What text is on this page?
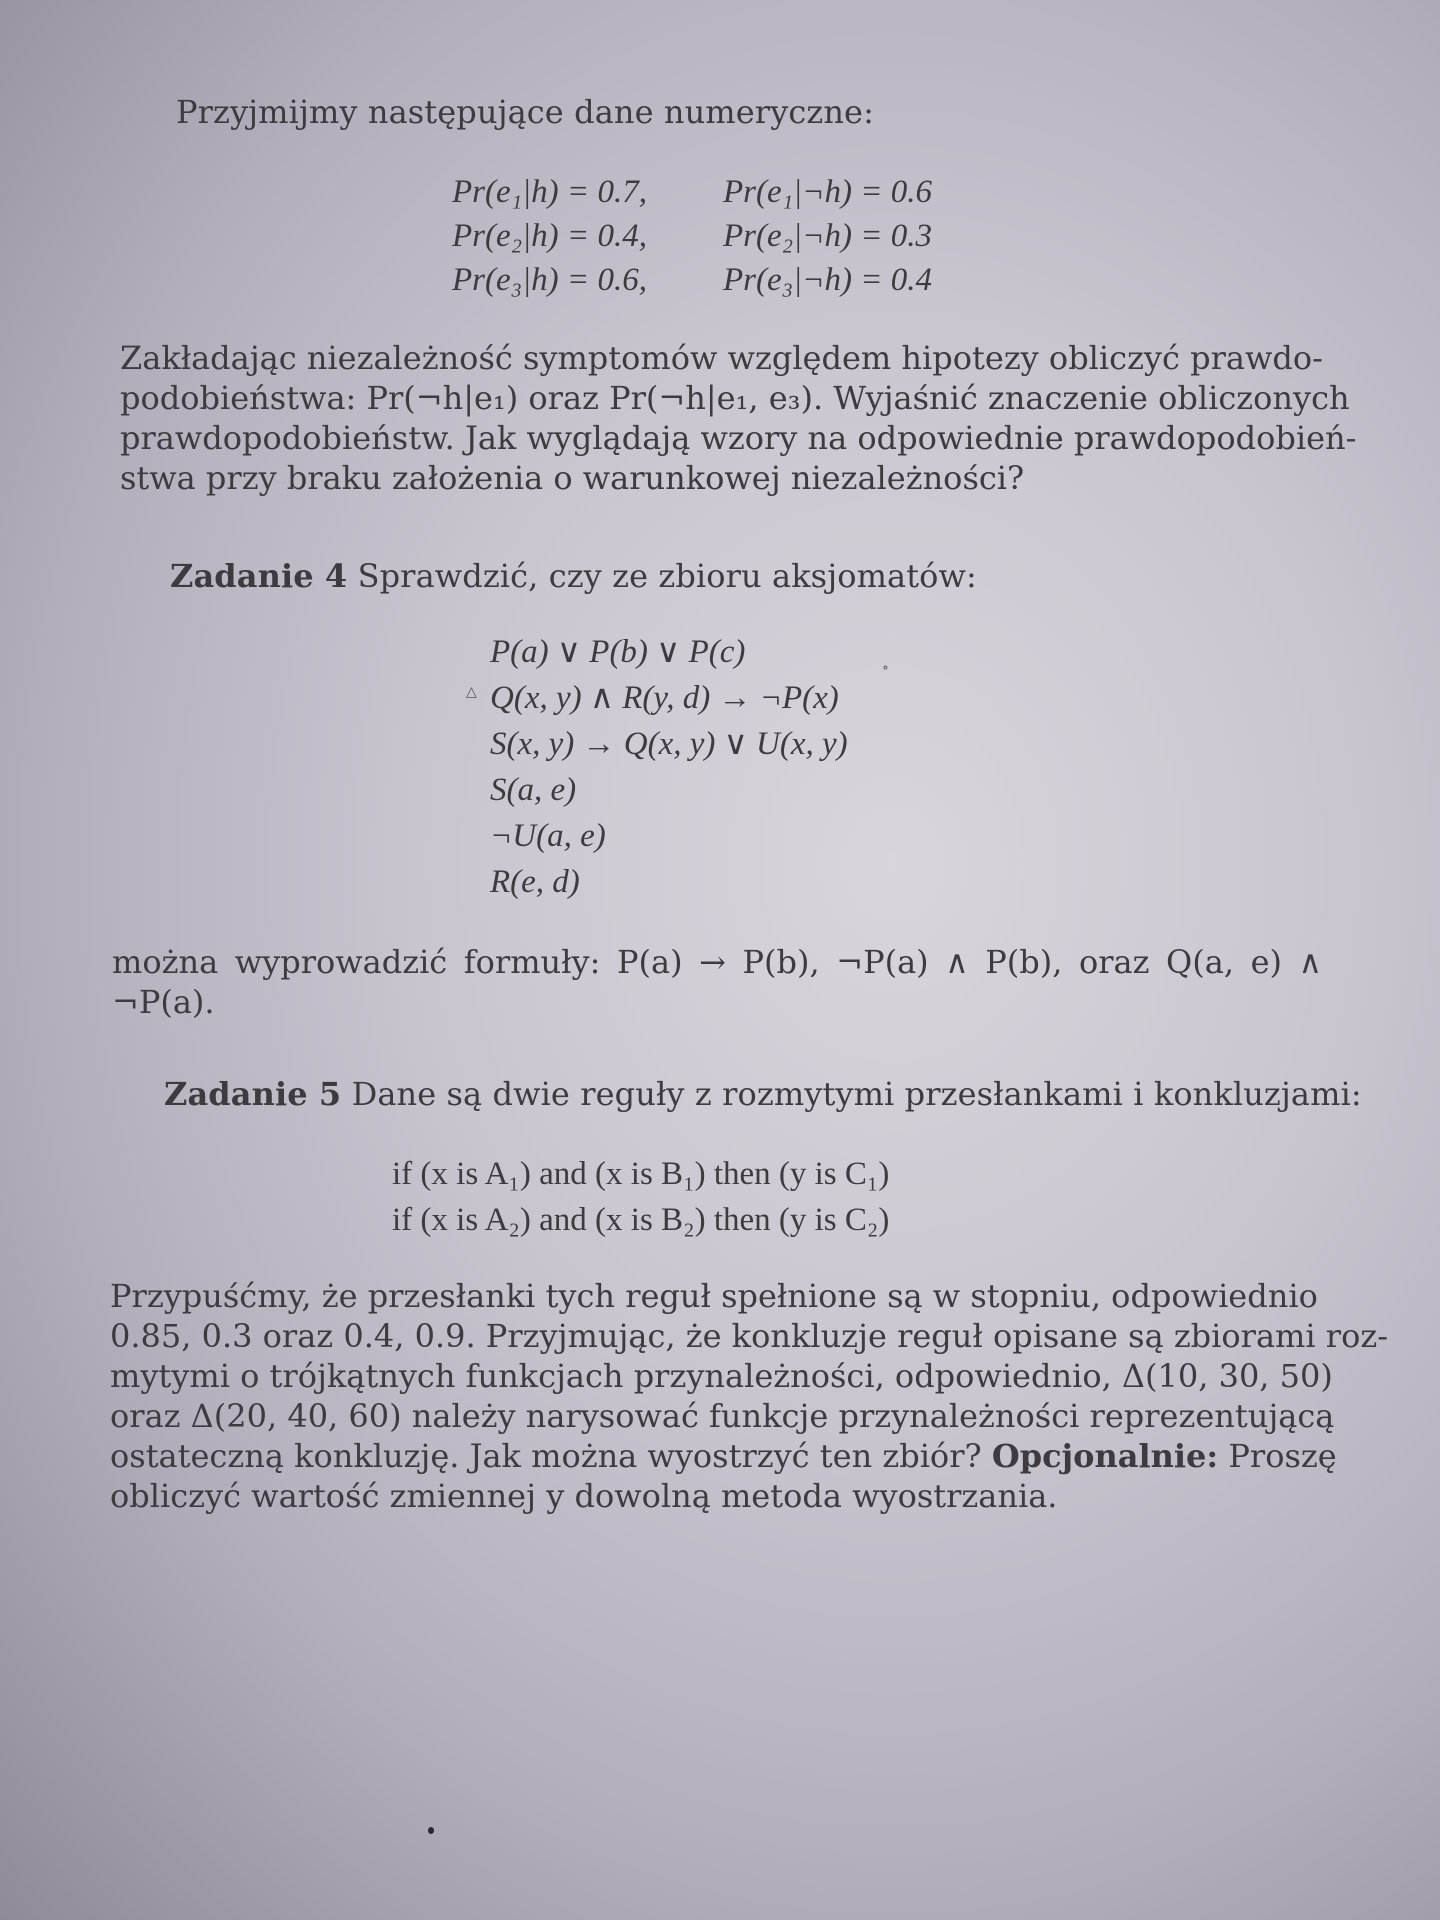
Przyjmijmy następujące dane numeryczne:
Pr(e₁|h) = 0.7, Pr(e₁|¬h) = 0.6
Pr(e₂|h) = 0.4, Pr(e₂|¬h) = 0.3
Pr(e₃|h) = 0.6, Pr(e₃|¬h) = 0.4
Zakładając niezależność symptomów względem hipotezy obliczyć prawdo-
podobieństwa: Pr(¬h|e₁) oraz Pr(¬h|e₁, e₃). Wyjaśnić znaczenie obliczonych
prawdopodobieństw. Jak wyglądają wzory na odpowiednie prawdopodobień-
stwa przy braku założenia o warunkowej niezależności?
Zadanie 4 Sprawdzić, czy ze zbioru aksjomatów:
P(a) ∨ P(b) ∨ P(c)
Q(x, y) ∧ R(y, d) → ¬P(x)
S(x, y) → Q(x, y) ∨ U(x, y)
S(a, e)
¬U(a, e)
R(e, d)
△
∘
można wyprowadzić formuły: P(a) → P(b), ¬P(a) ∧ P(b), oraz Q(a, e) ∧
¬P(a).
Zadanie 5 Dane są dwie reguły z rozmytymi przesłankami i konkluzjami:
if (x is A₁) and (x is B₁) then (y is C₁)
if (x is A₂) and (x is B₂) then (y is C₂)
Przypuśćmy, że przesłanki tych reguł spełnione są w stopniu, odpowiednio
0.85, 0.3 oraz 0.4, 0.9. Przyjmując, że konkluzje reguł opisane są zbiorami roz-
mytymi o trójkątnych funkcjach przynależności, odpowiednio, Δ(10, 30, 50)
oraz Δ(20, 40, 60) należy narysować funkcje przynależności reprezentującą
ostateczną konkluzję. Jak można wyostrzyć ten zbiór? Opcjonalnie: Proszę
obliczyć wartość zmiennej y dowolną metoda wyostrzania.
